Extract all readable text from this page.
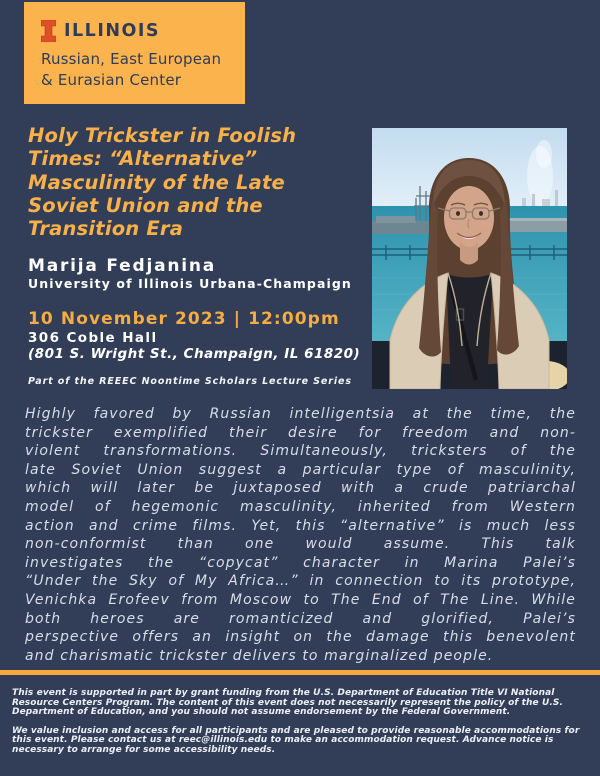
ILLINOIS
Russian, East European
& Eurasian Center
Holy Trickster in Foolish
Times: “Alternative”
Masculinity of the Late
Soviet Union and the
Transition Era
Marija Fedjanina
University of Illinois Urbana-Champaign
10 November 2023 | 12:00pm
306 Coble Hall
(801 S. Wright St., Champaign, IL 61820)
Part of the REEEC Noontime Scholars Lecture Series
Highly favored by Russian intelligentsia at the time, the
trickster exemplified their desire for freedom and non-
violent transformations. Simultaneously, tricksters of the
late Soviet Union suggest a particular type of masculinity,
which will later be juxtaposed with a crude patriarchal
model of hegemonic masculinity, inherited from Western
action and crime films. Yet, this “alternative” is much less
non-conformist than one would assume. This talk
investigates the “copycat” character in Marina Palei’s
“Under the Sky of My Africa…” in connection to its prototype,
Venichka Erofeev from Moscow to The End of The Line. While
both heroes are romanticized and glorified, Palei’s
perspective offers an insight on the damage this benevolent
and charismatic trickster delivers to marginalized people.

This event is supported in part by grant funding from the U.S. Department of Education Title VI National Resource Centers Program. The content of this event does not necessarily represent the policy of the U.S. Department of Education, and you should not assume endorsement by the Federal Government.

We value inclusion and access for all participants and are pleased to provide reasonable accommodations for this event. Please contact us at reec@illinois.edu to make an accommodation request. Advance notice is necessary to arrange for some accessibility needs.
